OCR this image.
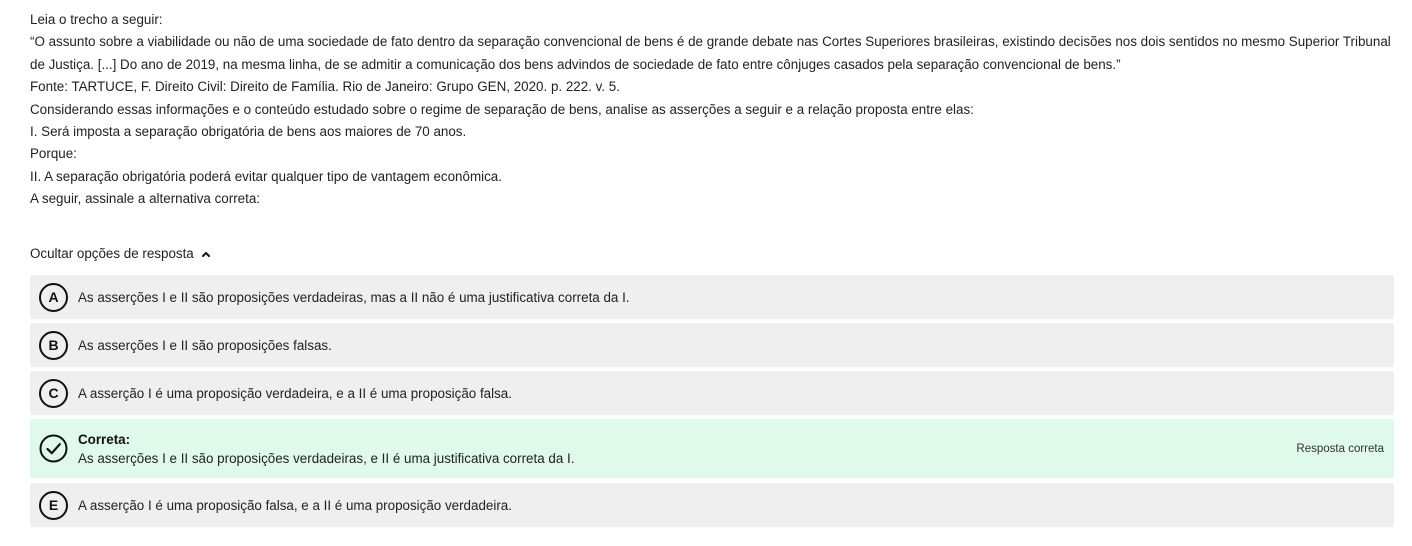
Leia o trecho a seguir:

“O assunto sobre a viabilidade ou não de uma sociedade de fato dentro da separação convencional de bens é de grande debate nas Cortes Superiores brasileiras, existindo decisões nos dois sentidos no mesmo Superior Tribunal de Justiça. [...] Do ano de 2019, na mesma linha, de se admitir a comunicação dos bens advindos de sociedade de fato entre cônjuges casados pela separação convencional de bens.”

Fonte: TARTUCE, F. Direito Civil: Direito de Família. Rio de Janeiro: Grupo GEN, 2020. p. 222. v. 5.

Considerando essas informações e o conteúdo estudado sobre o regime de separação de bens, analise as asserções a seguir e a relação proposta entre elas:

I. Será imposta a separação obrigatória de bens aos maiores de 70 anos.

Porque:

II. A separação obrigatória poderá evitar qualquer tipo de vantagem econômica.

A seguir, assinale a alternativa correta:

Ocultar opções de resposta
A	As asserções I e II são proposições verdadeiras, mas a II não é uma justificativa correta da I.
B	As asserções I e II são proposições falsas.
C	A asserção I é uma proposição verdadeira, e a II é uma proposição falsa.
Correta:
As asserções I e II são proposições verdadeiras, e II é uma justificativa correta da I.
Resposta correta
E	A asserção I é uma proposição falsa, e a II é uma proposição verdadeira.
